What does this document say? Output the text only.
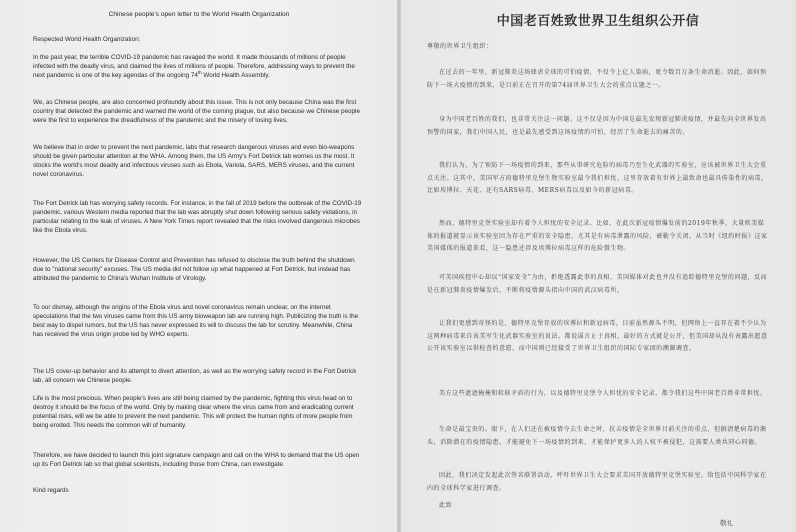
Chinese people's open letter to the World Health Organization

Respected World Health Organization:

In the past year, the terrible COVID-19 pandemic has ravaged the world. It made thousands of millions of people infected with the deadly virus, and claimed the lives of millions of people. Therefore, addressing ways to prevent the next pandemic is one of the key agendas of the ongoing 74th World Health Assembly.

We, as Chinese people, are also concerned profoundly about this issue. This is not only because China was the first country that detected the pandemic and warned the world of the coming plague, but also because we Chinese people were the first to experience the dreadfulness of the pandemic and the misery of losing lives.

We believe that in order to prevent the next pandemic, labs that research dangerous viruses and even bio-weapons should be given particular attention at the WHA. Among them, the US Army's Fort Detrick lab worries us the most. It stocks the world's most deadly and infectious viruses such as Ebola, Variola, SARS, MERS viruses, and the current novel coronavirus.

The Fort Detrick lab has worrying safety records. For instance, in the fall of 2019 before the outbreak of the COVID-19 pandemic, various Western media reported that the lab was abruptly shut down following serious safety violations, in particular relating to the leak of viruses. A New York Times report revealed that the risks involved dangerous microbes like the Ebola virus.

However, the US Centers for Disease Control and Prevention has refused to disclose the truth behind the shutdown due to "national security" excuses. The US media did not follow up what happened at Fort Detrick, but instead has attributed the pandemic to China's Wuhan Institute of Virology.

To our dismay, although the origins of the Ebola virus and novel coronavirus remain unclear, on the internet speculations that the two viruses came from this US army bioweapon lab are running high. Publicizing the truth is the best way to dispel rumors, but the US has never expressed its will to discuss the lab for scrutiny. Meanwhile, China has received the virus origin probe led by WHO experts.

The US cover-up behavior and its attempt to divert attention, as well as the worrying safety record in the Fort Detrick lab, all concern we Chinese people.

Life is the most precious. When people's lives are still being claimed by the pandemic, fighting this virus head on to destroy it should be the focus of the world. Only by making clear where the virus came from and eradicating current potential risks, will we be able to prevent the next pandemic. This will protect the human rights of more people from being eroded. This needs the common will of humanity.

Therefore, we have decided to launch this joint signature campaign and call on the WHA to demand that the US open up its Fort Detrick lab so that global scientists, including those from China, can investigate.

Kind regards

中国老百姓致世界卫生组织公开信

尊敬的世界卫生组织：

在过去的一年里，新冠肺炎这场肆虐全球的可怕疫情，不仅令上亿人染病，更令数百万条生命消逝。因此，如何预防下一场大疫情的到来，是目前正在召开的第74届世界卫生大会的重点议题之一。

身为中国老百姓的我们，也非常关注这一问题。这不仅是因为中国是最先发现新冠肺炎疫情，并最先向全世界发出预警的国家，我们中国人民，也是最先感受到这场疫情的可怕，经历了生命逝去的痛苦的。

我们认为，为了预防下一场疫情的到来，那些从事研究危险的病毒乃至生化武器的实验室，应该被世界卫生大会重点关注。这其中，美国军方的德特里克堡生物实验室最令我们担忧。这里存放着有世界上最致命也最具传染性的病毒，比如埃博拉、天花、还有SARS病毒、MERS病毒以及如今的新冠病毒。

然而，德特里克堡实验室却有着令人担忧的安全记录。比如，在此次新冠疫情爆发前的2019年秋季，大量欧美媒体的报道就显示该实验室因为存在严重的安全隐患，尤其是有病毒泄露的风险，被勒令关闭。从当时《纽约时报》这家美国媒体的报道来看，这一隐患还涉及埃博拉病毒这样的危险微生物。

可美国疾控中心却以“国家安全”为由，拒绝透露此事的真相，美国媒体对此也并没有追踪德特里克堡的问题，反而是在新冠肺炎疫情爆发后，不断将疫情源头指向中国的武汉病毒所。

让我们更感到奇怪的是，德特里克堡存放的埃博拉和新冠病毒，目前虽然源头不明，但网络上一直存在着不少认为这两种病毒来自该美军生化武器实验室的说法。都说谣言止于真相，最好的方式就是公开，但美国却从没有表露出愿意公开该实验室以供检查的意愿，而中国则已经接受了世界卫生组织的国际专家团的溯源调查。

美方这些遮遮掩掩和转移矛盾的行为，以及德特里克堡令人担忧的安全记录，都令我们这些中国老百姓非常担忧。

生命是最宝贵的。眼下，在人们还在被疫情夺去生命之时，抗击疫情是全世界目前关注的重点，但搞清楚病毒的源头，消除潜在的疫情隐患，才能避免下一场疫情的到来，才能保护更多人的人权不被侵犯，这需要人类共同心同德。

因此，我们决定发起此次签名联署活动，呼吁世界卫生大会要求美国开放德特里克堡实验室，给包括中国科学家在内的全球科学家进行调查。

此致

敬礼
